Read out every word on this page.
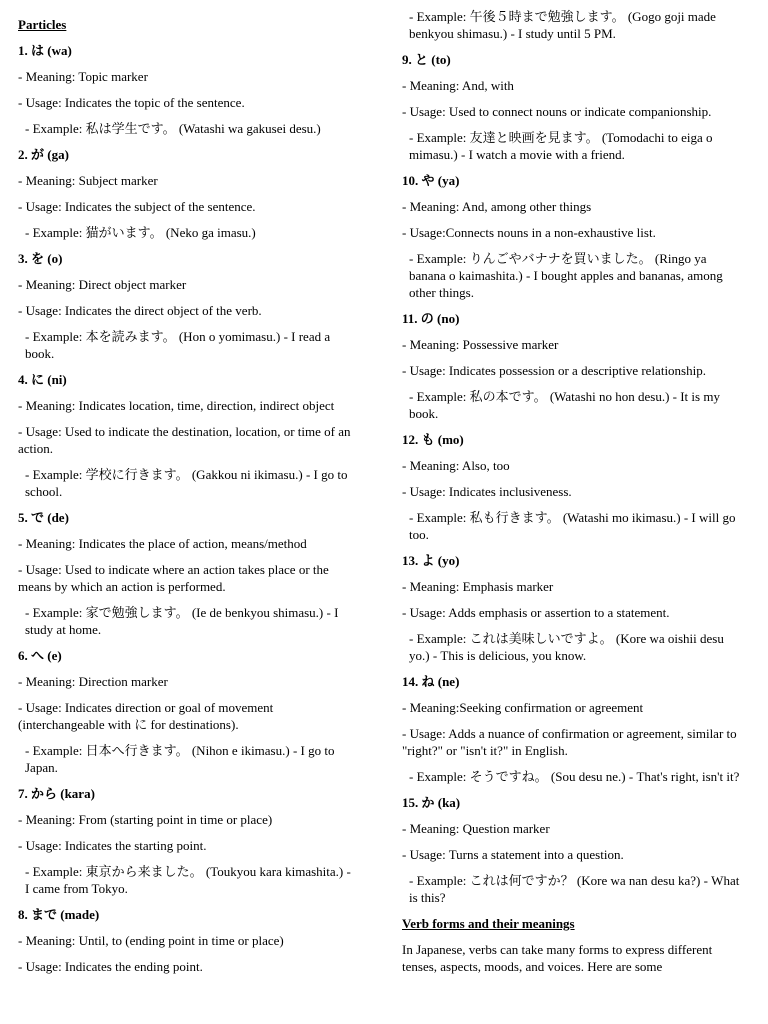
Particles
1. は (wa)
- Meaning: Topic marker
- Usage: Indicates the topic of the sentence.
- Example: 私は学生です。 (Watashi wa gakusei desu.)
2. が (ga)
- Meaning: Subject marker
- Usage: Indicates the subject of the sentence.
- Example: 猫がいます。 (Neko ga imasu.)
3. を (o)
- Meaning: Direct object marker
- Usage: Indicates the direct object of the verb.
- Example: 本を読みます。 (Hon o yomimasu.) - I read a book.
4. に (ni)
- Meaning: Indicates location, time, direction, indirect object
- Usage: Used to indicate the destination, location, or time of an action.
- Example: 学校に行きます。 (Gakkou ni ikimasu.) - I go to school.
5. で (de)
- Meaning: Indicates the place of action, means/method
- Usage: Used to indicate where an action takes place or the means by which an action is performed.
- Example: 家で勉強します。 (Ie de benkyou shimasu.) - I study at home.
6. へ (e)
- Meaning: Direction marker
- Usage: Indicates direction or goal of movement (interchangeable with に for destinations).
- Example: 日本へ行きます。 (Nihon e ikimasu.) - I go to Japan.
7. から (kara)
- Meaning: From (starting point in time or place)
- Usage: Indicates the starting point.
- Example: 東京から来ました。 (Toukyou kara kimashita.) - I came from Tokyo.
8. まで (made)
- Meaning: Until, to (ending point in time or place)
- Usage: Indicates the ending point.
- Example: 午後５時まで勉強します。 (Gogo goji made benkyou shimasu.) - I study until 5 PM.
9. と (to)
- Meaning: And, with
- Usage: Used to connect nouns or indicate companionship.
- Example: 友達と映画を見ます。 (Tomodachi to eiga o mimasu.) - I watch a movie with a friend.
10. や (ya)
- Meaning: And, among other things
- Usage:Connects nouns in a non-exhaustive list.
- Example: りんごやバナナを買いました。 (Ringo ya banana o kaimashita.) - I bought apples and bananas, among other things.
11. の (no)
- Meaning: Possessive marker
- Usage: Indicates possession or a descriptive relationship.
- Example: 私の本です。 (Watashi no hon desu.) - It is my book.
12. も (mo)
- Meaning: Also, too
- Usage: Indicates inclusiveness.
- Example: 私も行きます。 (Watashi mo ikimasu.) - I will go too.
13. よ (yo)
- Meaning: Emphasis marker
- Usage: Adds emphasis or assertion to a statement.
- Example: これは美味しいですよ。 (Kore wa oishii desu yo.) - This is delicious, you know.
14. ね (ne)
- Meaning:Seeking confirmation or agreement
- Usage: Adds a nuance of confirmation or agreement, similar to "right?" or "isn't it?" in English.
- Example: そうですね。 (Sou desu ne.) - That's right, isn't it?
15. か (ka)
- Meaning: Question marker
- Usage: Turns a statement into a question.
- Example: これは何ですか？ (Kore wa nan desu ka?) - What is this?
Verb forms and their meanings
In Japanese, verbs can take many forms to express different tenses, aspects, moods, and voices. Here are some
